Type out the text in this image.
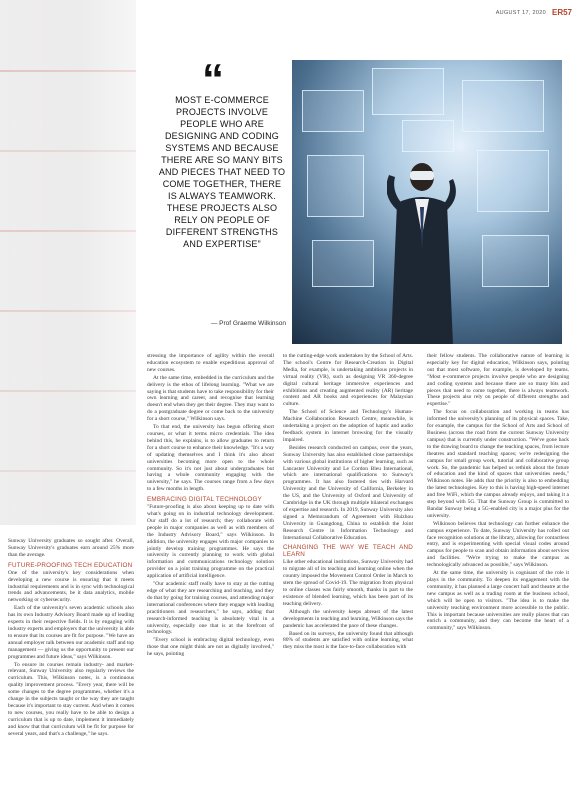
AUGUST 17, 2020 ER57
“
MOST E-COMMERCE PROJECTS INVOLVE PEOPLE WHO ARE DESIGNING AND CODING SYSTEMS AND BECAUSE THERE ARE SO MANY BITS AND PIECES THAT NEED TO COME TOGETHER, THERE IS ALWAYS TEAMWORK. THESE PROJECTS ALSO RELY ON PEOPLE OF DIFFERENT STRENGTHS AND EXPERTISE”
— Prof Graeme Wilkinson

Sunway University graduates so sought after. Overall, Sunway University's graduates earn around 25% more than the average.

FUTURE-PROOFING TECH EDUCATION

One of the university's key considerations when developing a new course is ensuring that it meets industrial requirements and is in sync with technological trends and advancements, be it data analytics, mobile networking or cybersecurity.

Each of the university's seven academic schools also has its own Industry Advisory Board made up of leading experts in their respective fields. It is by engaging with industry experts and employers that the university is able to ensure that its courses are fit for purpose. "We have an annual employer talk between our academic staff and top management — giving us the opportunity to present our programmes and future ideas," says Wilkinson.

To ensure its courses remain industry- and market-relevant, Sunway University also regularly reviews the curriculum. This, Wilkinson notes, is a continuous quality improvement process. "Every year, there will be some changes to the degree programmes, whether it's a change in the subjects taught or the way they are taught because it's important to stay current. And when it comes to new courses, you really have to be able to design a curriculum that is up to date, implement it immediately and know that that curriculum will be fit for purpose for several years, and that's a challenge," he says.

stressing the importance of agility within the overall education ecosystem to enable expeditious approval of new courses.

At the same time, embedded in the curriculum and the delivery is the ethos of lifelong learning. "What we are saying is that students have to take responsibility for their own learning and career, and recognise that learning doesn't end when they get their degree. They may want to do a postgraduate degree or come back to the university for a short course," Wilkinson says.

To that end, the university has begun offering short courses, or what it terms micro credentials. The idea behind this, he explains, is to allow graduates to return for a short course to enhance their knowledge. "It's a way of updating themselves and I think it's also about universities becoming more open to the whole community. So it's not just about undergraduates but having a whole community engaging with the university," he says. The courses range from a few days to a few months in length.

EMBRACING DIGITAL TECHNOLOGY

"Future-proofing is also about keeping up to date with what's going on in industrial technology development. Our staff do a lot of research; they collaborate with people in major companies as well as with members of the Industry Advisory Board," says Wilkinson. In addition, the university engages with major companies to jointly develop training programmes. He says the university is currently planning to work with global information and communications technology solution provider on a joint training programme on the practical application of artificial intelligence.

"Our academic staff really have to stay at the cutting edge of what they are researching and teaching, and they do that by going for training courses, and attending major international conferences where they engage with leading practitioners and researchers," he says, adding that research-informed teaching is absolutely vital in a university, especially one that is at the forefront of technology.

"Every school is embracing digital technology, even those that one might think are not as digitally involved," he says, pointing

to the cutting-edge work undertaken by the School of Arts. The school's Centre for Research-Creation in Digital Media, for example, is undertaking ambitious projects in virtual reality (VR), such as designing VR 360-degree digital cultural heritage immersive experiences and exhibitions and creating augmented reality (AR) heritage content and AR books and experiences for Malaysian culture.

The School of Science and Technology's Human-Machine Collaboration Research Centre, meanwhile, is undertaking a project on the adoption of haptic and audio feedback system in internet browsing for the visually impaired.

Besides research conducted on campus, over the years, Sunway University has also established close partnerships with various global institutions of higher learning, such as Lancaster University and Le Cordon Bleu International, which are international qualifications to Sunway's programmes. It has also fostered ties with Harvard University and the University of California, Berkeley in the US, and the University of Oxford and University of Cambridge in the UK through multiple bilateral exchanges of expertise and research. In 2019, Sunway University also signed a Memorandum of Agreement with Huizhou University in Guangdong, China to establish the Joint Research Centre in Information Technology and International Collaborative Education.

CHANGING THE WAY WE TEACH AND LEARN

Like other educational institutions, Sunway University had to migrate all of its teaching and learning online when the country imposed the Movement Control Order in March to stem the spread of Covid-19. The migration from physical to online classes was fairly smooth, thanks in part to the existence of blended learning, which has been part of its teaching delivery.

Although the university keeps abreast of the latest developments in teaching and learning, Wilkinson says the pandemic has accelerated the pace of these changes.

Based on its surveys, the university found that although 80% of students are satisfied with online learning, what they miss the most is the face-to-face collaboration with

their fellow students. The collaborative nature of learning is especially key for digital education, Wilkinson says, pointing out that most software, for example, is developed by teams. "Most e-commerce projects involve people who are designing and coding systems and because there are so many bits and pieces that need to come together, there is always teamwork. These projects also rely on people of different strengths and expertise."

The focus on collaboration and working in teams has informed the university's planning of its physical spaces. Take, for example, the campus for the School of Arts and School of Business (across the road from the current Sunway University campus) that is currently under construction. "We've gone back to the drawing board to change the teaching spaces, from lecture theatres and standard teaching spaces; we're redesigning the campus for small group work, tutorial and collaborative group work. So, the pandemic has helped us rethink about the future of education and the kind of spaces that universities needs," Wilkinson notes. He adds that the priority is also to embedding the latest technologies. Key to this is having high-speed internet and free WiFi, which the campus already enjoys, and taking it a step beyond with 5G. That the Sunway Group is committed to Bandar Sunway being a 5G-enabled city is a major plus for the university.

Wilkinson believes that technology can further enhance the campus experience. To date, Sunway University has rolled out face recognition solutions at the library, allowing for contactless entry, and is experimenting with special visual codes around campus for people to scan and obtain information about services and facilities. "We're trying to make the campus as technologically advanced as possible," says Wilkinson.

At the same time, the university is cognisant of the role it plays in the community. To deepen its engagement with the community, it has planned a large concert hall and theatre at the new campus as well as a trading room at the business school, which will be open to visitors. "The idea is to make the university teaching environment more accessible to the public. This is important because universities are really places that can enrich a community, and they can become the heart of a community," says Wilkinson.
